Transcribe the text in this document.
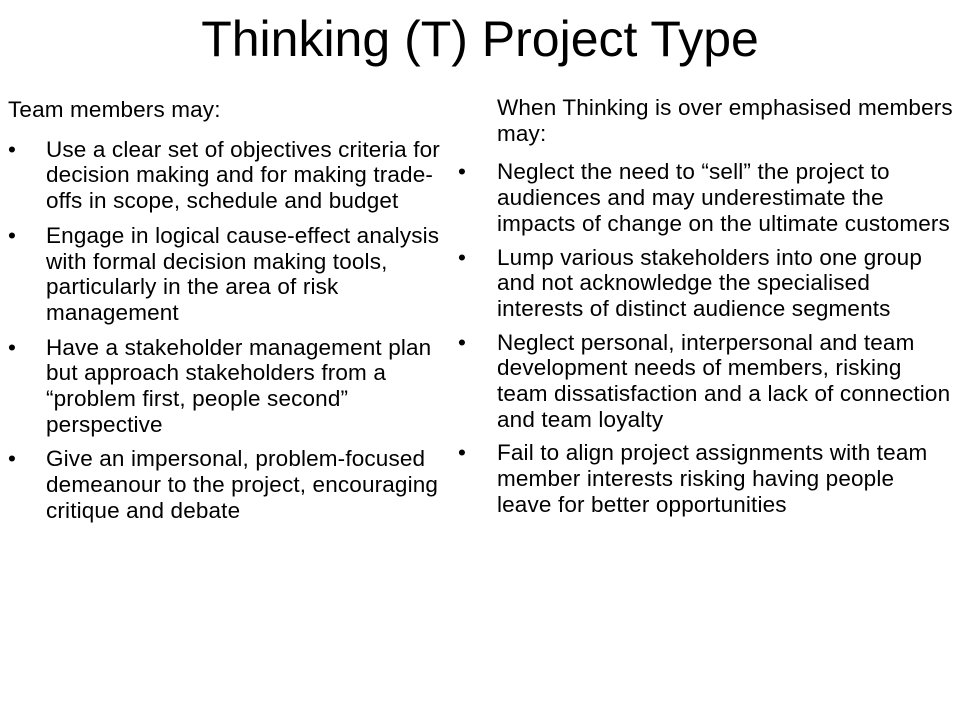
Thinking (T) Project Type

Team members may:

•	Use a clear set of objectives criteria for decision making and for making trade-offs in scope, schedule and budget
•	Engage in logical cause-effect analysis with formal decision making tools, particularly in the area of risk management
•	Have a stakeholder management plan but approach stakeholders from a “problem first, people second” perspective
•	Give an impersonal, problem-focused demeanour to the project, encouraging critique and debate

When Thinking is over emphasised members may:

•	Neglect the need to “sell” the project to audiences and may underestimate the impacts of change on the ultimate customers
•	Lump various stakeholders into one group and not acknowledge the specialised interests of distinct audience segments
•	Neglect personal, interpersonal and team development needs of members, risking team dissatisfaction and a lack of connection and team loyalty
•	Fail to align project assignments with team member interests risking having people leave for better opportunities
